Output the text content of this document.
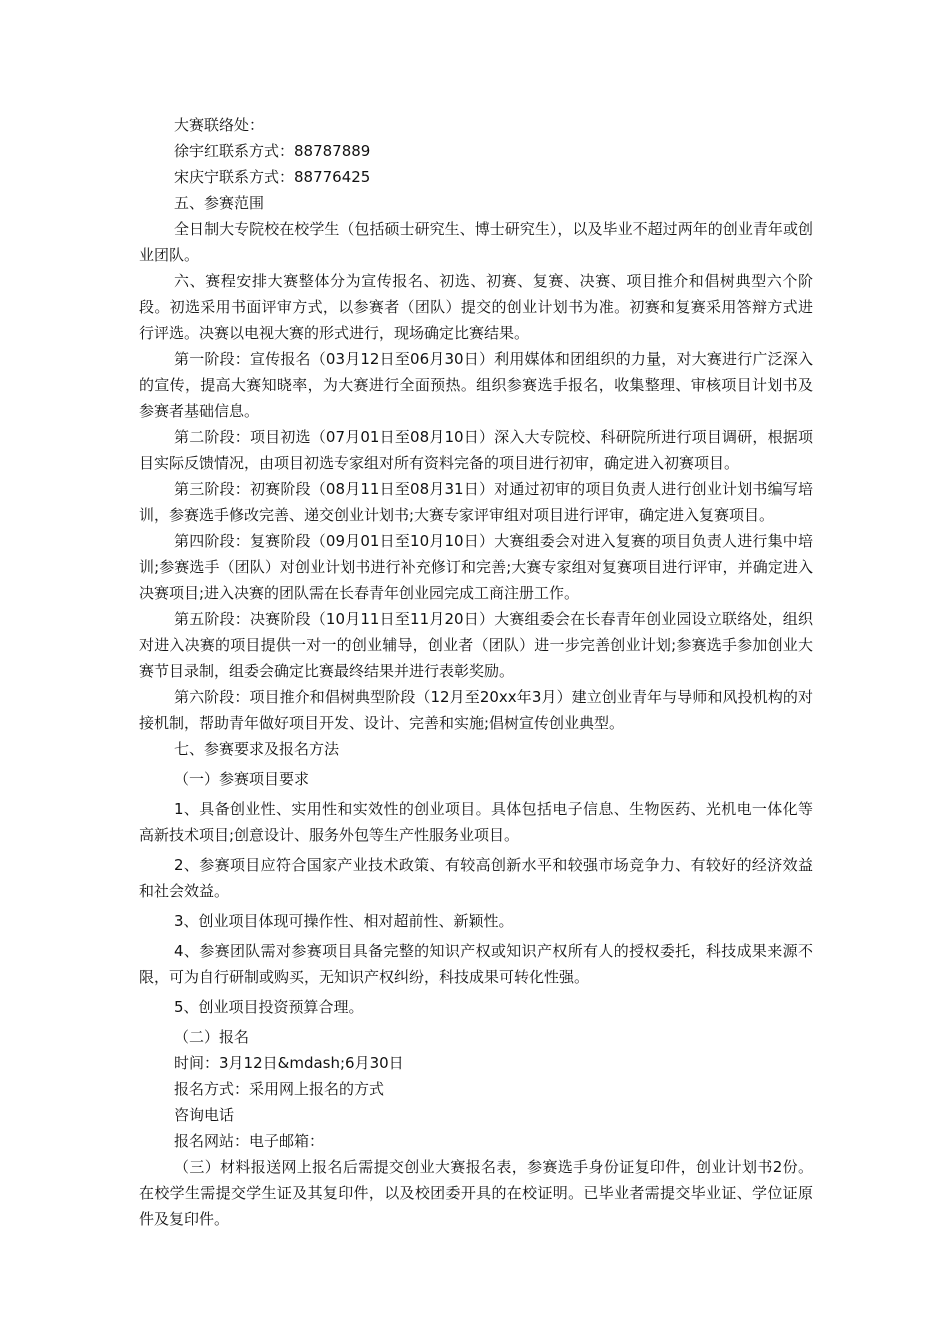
大赛联络处：

徐宇红联系方式：88787889

宋庆宁联系方式：88776425

五、参赛范围

全日制大专院校在校学生（包括硕士研究生、博士研究生），以及毕业不超过两年的创业青年或创业团队。

六、赛程安排大赛整体分为宣传报名、初选、初赛、复赛、决赛、项目推介和倡树典型六个阶段。初选采用书面评审方式，以参赛者（团队）提交的创业计划书为准。初赛和复赛采用答辩方式进行评选。决赛以电视大赛的形式进行，现场确定比赛结果。

第一阶段：宣传报名（03月12日至06月30日）利用媒体和团组织的力量，对大赛进行广泛深入的宣传，提高大赛知晓率，为大赛进行全面预热。组织参赛选手报名，收集整理、审核项目计划书及参赛者基础信息。

第二阶段：项目初选（07月01日至08月10日）深入大专院校、科研院所进行项目调研，根据项目实际反馈情况，由项目初选专家组对所有资料完备的项目进行初审，确定进入初赛项目。

第三阶段：初赛阶段（08月11日至08月31日）对通过初审的项目负责人进行创业计划书编写培训，参赛选手修改完善、递交创业计划书;大赛专家评审组对项目进行评审，确定进入复赛项目。

第四阶段：复赛阶段（09月01日至10月10日）大赛组委会对进入复赛的项目负责人进行集中培训;参赛选手（团队）对创业计划书进行补充修订和完善;大赛专家组对复赛项目进行评审，并确定进入决赛项目;进入决赛的团队需在长春青年创业园完成工商注册工作。

第五阶段：决赛阶段（10月11日至11月20日）大赛组委会在长春青年创业园设立联络处，组织对进入决赛的项目提供一对一的创业辅导，创业者（团队）进一步完善创业计划;参赛选手参加创业大赛节目录制，组委会确定比赛最终结果并进行表彰奖励。

第六阶段：项目推介和倡树典型阶段（12月至20xx年3月）建立创业青年与导师和风投机构的对接机制，帮助青年做好项目开发、设计、完善和实施;倡树宣传创业典型。

七、参赛要求及报名方法

（一）参赛项目要求

1、具备创业性、实用性和实效性的创业项目。具体包括电子信息、生物医药、光机电一体化等高新技术项目;创意设计、服务外包等生产性服务业项目。

2、参赛项目应符合国家产业技术政策、有较高创新水平和较强市场竞争力、有较好的经济效益和社会效益。

3、创业项目体现可操作性、相对超前性、新颖性。

4、参赛团队需对参赛项目具备完整的知识产权或知识产权所有人的授权委托，科技成果来源不限，可为自行研制或购买，无知识产权纠纷，科技成果可转化性强。

5、创业项目投资预算合理。

（二）报名

时间：3月12日&mdash;6月30日

报名方式：采用网上报名的方式

咨询电话

报名网站：电子邮箱：

（三）材料报送网上报名后需提交创业大赛报名表，参赛选手身份证复印件，创业计划书2份。在校学生需提交学生证及其复印件，以及校团委开具的在校证明。已毕业者需提交毕业证、学位证原件及复印件。
